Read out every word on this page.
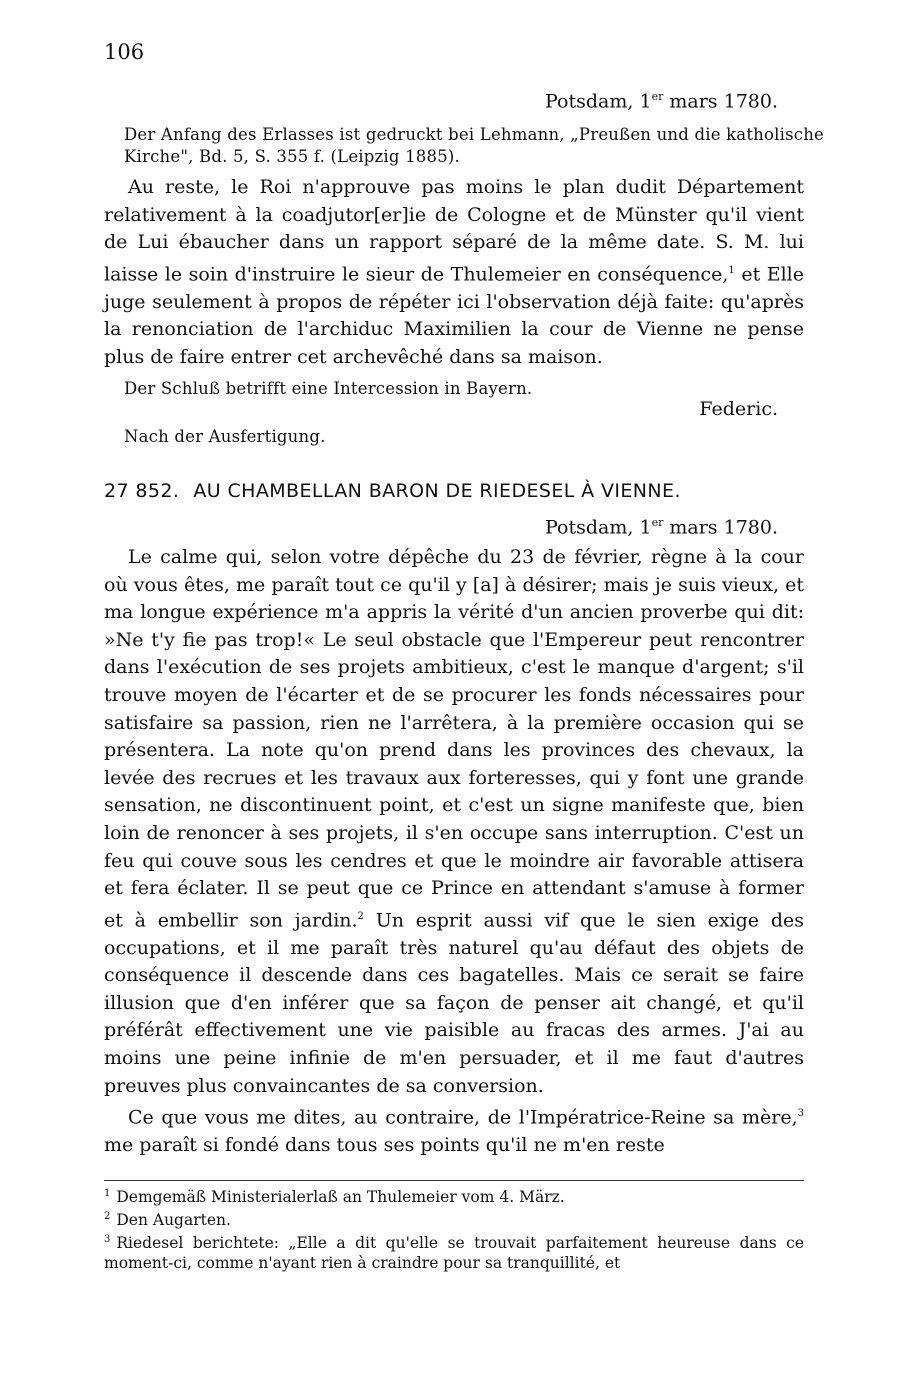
106
Potsdam, 1er mars 1780.
Der Anfang des Erlasses ist gedruckt bei Lehmann, „Preußen und die katholische Kirche", Bd. 5, S. 355 f. (Leipzig 1885).

Au reste, le Roi n'approuve pas moins le plan dudit Département relativement à la coadjutor[er]ie de Cologne et de Münster qu'il vient de Lui ébaucher dans un rapport séparé de la même date. S. M. lui laisse le soin d'instruire le sieur de Thulemeier en conséquence,$^1$ et Elle juge seulement à propos de répéter ici l'observation déjà faite: qu'après la renonciation de l'archiduc Maximilien la cour de Vienne ne pense plus de faire entrer cet archevêché dans sa maison.

Der Schluß betrifft eine Intercession in Bayern.
Federic.
Nach der Ausfertigung.
27 852. AU CHAMBELLAN BARON DE RIEDESEL À VIENNE.
Potsdam, 1er mars 1780.

Le calme qui, selon votre dépêche du 23 de février, règne à la cour où vous êtes, me paraît tout ce qu'il y [a] à désirer; mais je suis vieux, et ma longue expérience m'a appris la vérité d'un ancien proverbe qui dit: »Ne t'y fie pas trop!« Le seul obstacle que l'Empereur peut rencontrer dans l'exécution de ses projets ambitieux, c'est le manque d'argent; s'il trouve moyen de l'écarter et de se procurer les fonds nécessaires pour satisfaire sa passion, rien ne l'arrêtera, à la première occasion qui se présentera. La note qu'on prend dans les provinces des chevaux, la levée des recrues et les travaux aux forteresses, qui y font une grande sensation, ne discontinuent point, et c'est un signe manifeste que, bien loin de renoncer à ses projets, il s'en occupe sans interruption. C'est un feu qui couve sous les cendres et que le moindre air favorable attisera et fera éclater. Il se peut que ce Prince en attendant s'amuse à former et à embellir son jardin.$^2$ Un esprit aussi vif que le sien exige des occupations, et il me paraît très naturel qu'au défaut des objets de conséquence il descende dans ces bagatelles. Mais ce serait se faire illusion que d'en inférer que sa façon de penser ait changé, et qu'il préférât effectivement une vie paisible au fracas des armes. J'ai au moins une peine infinie de m'en persuader, et il me faut d'autres preuves plus convaincantes de sa conversion.

Ce que vous me dites, au contraire, de l'Impératrice-Reine sa mère,$^3$ me paraît si fondé dans tous ses points qu'il ne m'en reste

$^1$ Demgemäß Ministerialerlaß an Thulemeier vom 4. März.
$^2$ Den Augarten.
$^3$ Riedesel berichtete: „Elle a dit qu'elle se trouvait parfaitement heureuse dans ce moment-ci, comme n'ayant rien à craindre pour sa tranquillité, et
